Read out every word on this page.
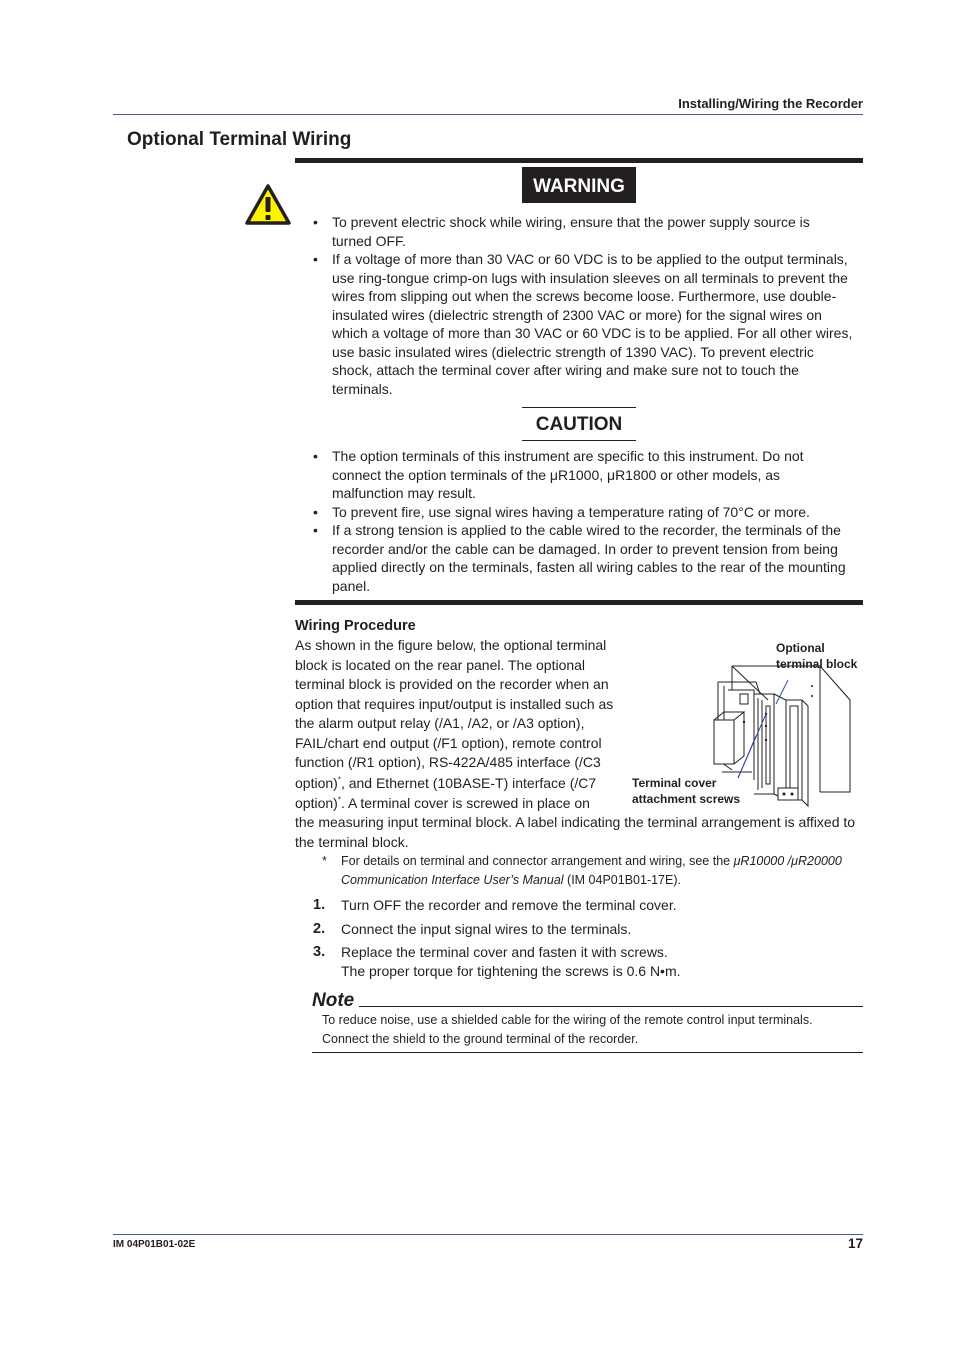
Installing/Wiring the Recorder
Optional Terminal Wiring
WARNING
• To prevent electric shock while wiring, ensure that the power supply source is turned OFF.
• If a voltage of more than 30 VAC or 60 VDC is to be applied to the output terminals, use ring-tongue crimp-on lugs with insulation sleeves on all terminals to prevent the wires from slipping out when the screws become loose. Furthermore, use double-insulated wires (dielectric strength of 2300 VAC or more) for the signal wires on which a voltage of more than 30 VAC or 60 VDC is to be applied. For all other wires, use basic insulated wires (dielectric strength of 1390 VAC). To prevent electric shock, attach the terminal cover after wiring and make sure not to touch the terminals.
CAUTION
• The option terminals of this instrument are specific to this instrument. Do not connect the option terminals of the μR1000, μR1800 or other models, as malfunction may result.
• To prevent fire, use signal wires having a temperature rating of 70°C or more.
• If a strong tension is applied to the cable wired to the recorder, the terminals of the recorder and/or the cable can be damaged. In order to prevent tension from being applied directly on the terminals, fasten all wiring cables to the rear of the mounting panel.
Wiring Procedure
As shown in the figure below, the optional terminal
block is located on the rear panel. The optional
terminal block is provided on the recorder when an
option that requires input/output is installed such as
the alarm output relay (/A1, /A2, or /A3 option),
FAIL/chart end output (/F1 option), remote control
function (/R1 option), RS-422A/485 interface (/C3
option)*, and Ethernet (10BASE-T) interface (/C7
option)*. A terminal cover is screwed in place on
the measuring input terminal block. A label indicating the terminal arrangement is affixed to the terminal block.
Optional
terminal block
Terminal cover
attachment screws
*	For details on terminal and connector arrangement and wiring, see the μR10000 /μR20000 Communication Interface User’s Manual (IM 04P01B01-17E).
1. Turn OFF the recorder and remove the terminal cover.
2. Connect the input signal wires to the terminals.
3. Replace the terminal cover and fasten it with screws.
The proper torque for tightening the screws is 0.6 N•m.
Note
To reduce noise, use a shielded cable for the wiring of the remote control input terminals.
Connect the shield to the ground terminal of the recorder.
IM 04P01B01-02E	17
